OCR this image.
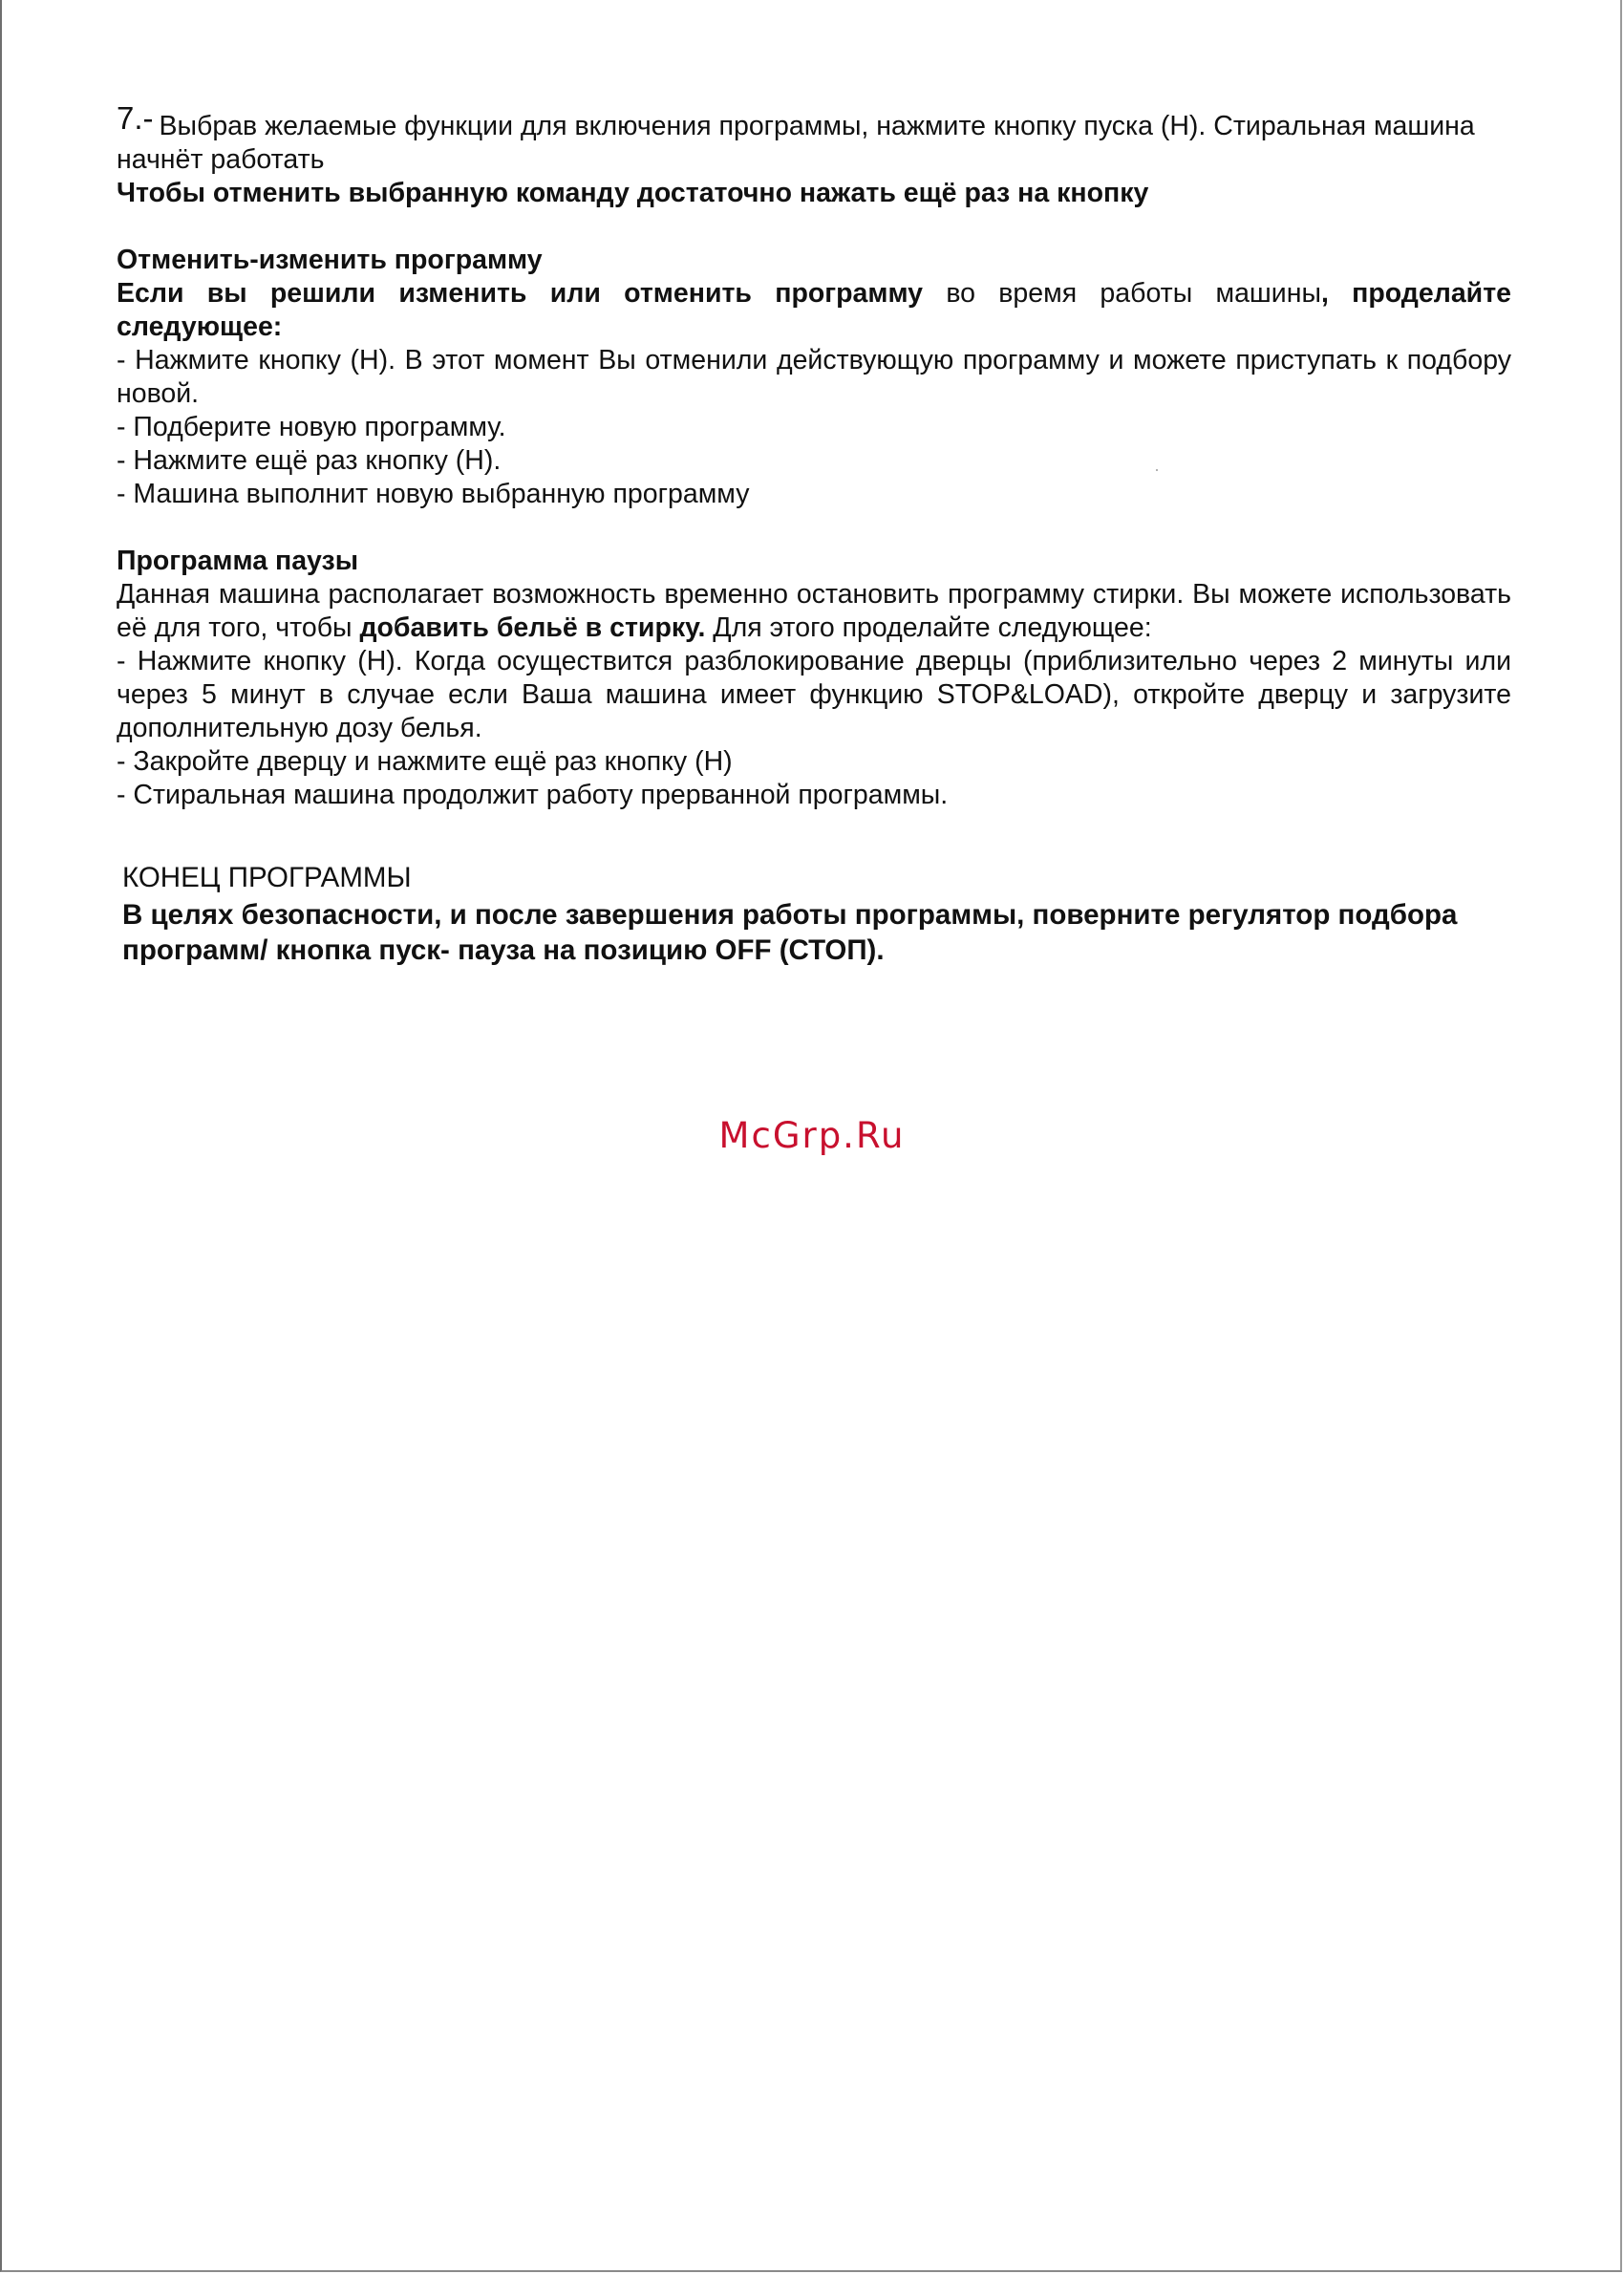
7.- Выбрав желаемые функции для включения программы, нажмите кнопку пуска (H). Стиральная машина начнёт работать

Чтобы отменить выбранную команду достаточно нажать ещё раз на кнопку

Отменить-изменить программу

Если вы решили изменить или отменить программу во время работы машины, проделайте следующее:

- Нажмите кнопку (H). В этот момент Вы отменили действующую программу и можете приступать к подбору новой.

- Подберите новую программу.

- Нажмите ещё раз кнопку (H).

- Машина выполнит новую выбранную программу

Программа паузы

Данная машина располагает возможность временно остановить программу стирки. Вы можете использовать её для того, чтобы добавить бельё в стирку. Для этого проделайте следующее:

- Нажмите кнопку (H). Когда осуществится разблокирование дверцы (приблизительно через 2 минуты или через 5 минут в случае если Ваша машина имеет функцию STOP&LOAD), откройте дверцу и загрузите дополнительную дозу белья.

- Закройте дверцу и нажмите ещё раз кнопку (H)

- Стиральная машина продолжит работу прерванной программы.

КОНЕЦ ПРОГРАММЫ

В целях безопасности, и после завершения работы программы, поверните регулятор подбора программ/ кнопка пуск- пауза на позицию OFF (СТОП).

McGrp.Ru
